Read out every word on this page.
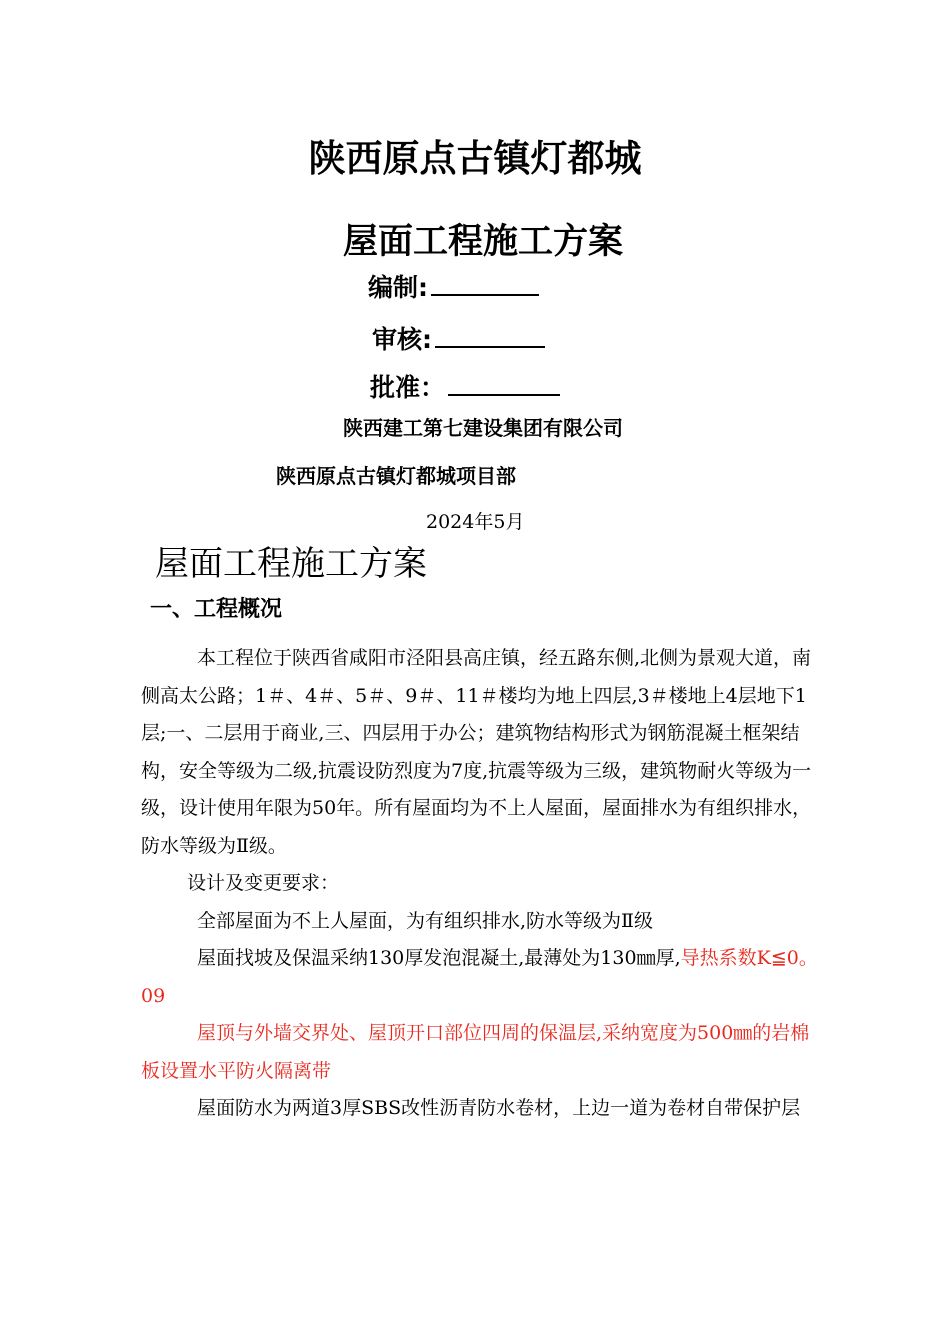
陕西原点古镇灯都城
屋面工程施工方案
编制:
审核:
批准：
陕西建工第七建设集团有限公司
陕西原点古镇灯都城项目部
2024年5月
屋面工程施工方案
一、工程概况

本工程位于陕西省咸阳市泾阳县高庄镇，经五路东侧,北侧为景观大道，南侧高太公路；1＃、4＃、5＃、9＃、11＃楼均为地上四层,3＃楼地上4层地下1层;一、二层用于商业,三、四层用于办公；建筑物结构形式为钢筋混凝土框架结构，安全等级为二级,抗震设防烈度为7度,抗震等级为三级，建筑物耐火等级为一级，设计使用年限为50年。所有屋面均为不上人屋面，屋面排水为有组织排水，防水等级为Ⅱ级。

设计及变更要求：

全部屋面为不上人屋面，为有组织排水,防水等级为Ⅱ级

屋面找坡及保温采纳130厚发泡混凝土,最薄处为130㎜厚,导热系数K≦0。09

屋顶与外墙交界处、屋顶开口部位四周的保温层,采纳宽度为500㎜的岩棉板设置水平防火隔离带

屋面防水为两道3厚SBS改性沥青防水卷材，上边一道为卷材自带保护层
